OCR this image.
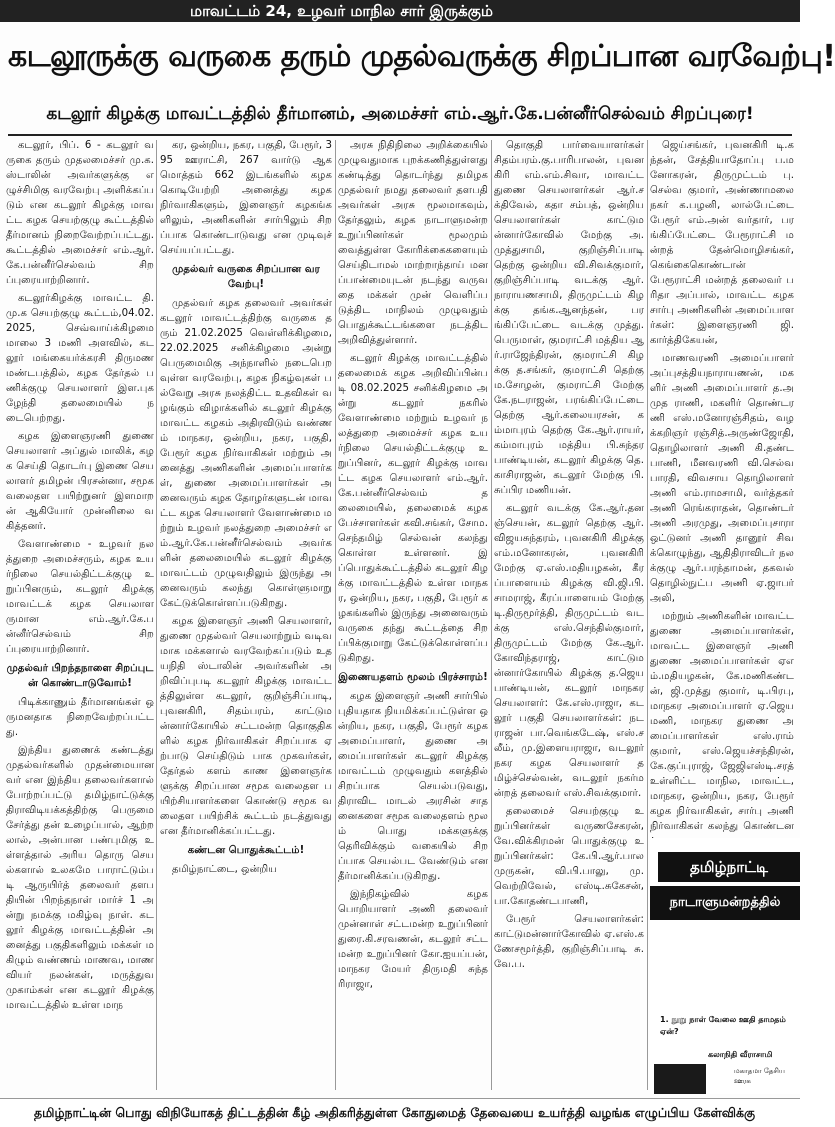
மாவட்டம் 24, உழவர் மாநில சார் இருக்கும்
கடலூருக்கு வருகை தரும் முதல்வருக்கு சிறப்பான வரவேற்பு!
கடலூர் கிழக்கு மாவட்டத்தில் தீர்மானம், அமைச்சர் எம்.ஆர்.கே.பன்னீர்செல்வம் சிறப்புரை!

கடலூர், பிப். 6 - கடலூர் வருகை தரும் முதலமைச்சர் மு.க. ஸ்டாலின் அவர்களுக்கு எழுச்சிமிகு வரவேற்பு அளிக்கப்படும் என கடலூர் கிழக்கு மாவட்ட கழக செயற்குழு கூட்டத்தில் தீர்மானம் நிறைவேற்றப்பட்டது. கூட்டத்தில் அமைச்சர் எம்.ஆர்.கே.பன்னீர்செல்வம் சிறப்புரையாற்றினார்.

கடலூர்கிழக்கு மாவட்ட தி.மு.க செயற்குழு கூட்டம்,04.02.2025, செவ்வாய்க்கிழமை மாலை 3 மணி அளவில், கடலூர் மங்கையர்க்கரசி திருமண மண்டபத்தில், கழக தேர்தல் பணிக்குழு செயலாளர் இள.புகழேந்தி தலைமையில் நடைபெற்றது.

கழக இளைஞரணி துணை செயலாளர் அப்துல் மாலிக், கழக செய்தி தொடர்பு இணை செயலாளர் தமிழன் பிரசன்னா, சமூக வலைதள பயிற்றுனர் இளமாறன் ஆகியோர் முன்னிலை வகித்தனர்.

வேளாண்மை - உழவர் நலத்துறை அமைச்சரும், கழக உயர்நிலை செயல்திட்டக்குழு உறுப்பினரும், கடலூர் கிழக்கு மாவட்டக் கழக செயலாளருமான எம்.ஆர்.கே.பன்னீர்செல்வம் சிறப்புரையாற்றினார்.

முதல்வர் பிறந்தநாளை சிறப்புடன் கொண்டாடுவோம்!

பிடிக்காணும் தீர்மானங்கள் ஒருமனதாக நிறைவேற்றப்பட்டது.

இந்திய துணைக் கண்டத்து முதல்வர்களில் முதன்மையானவர் என இந்திய தலைவர்களால் போற்றப்பட்டு தமிழ்நாட்டுக்கு திராவிடியக்கத்திற்கு பெருமை சேர்த்து தன் உழைப்பால், ஆற்றலால், அன்பான பண்புமிகு உள்ளத்தால் அரிய தொரு செயல்களால் உலகமே பாராட்டும்படி ஆருயிர்த் தலைவர் தளபதியின் பிறந்தநாள் மார்ச் 1 அன்று நமக்கு மகிழ்வு நாள். கடலூர் கிழக்கு மாவட்டத்தின் அனைத்து பகுதிகளிலும் மக்கள் மகிழும் வண்ணம் மாணவ, மாணவியர் நலன்கள், மருத்துவ முகாம்கள் என கடலூர் கிழக்கு மாவட்டத்தில் உள்ள மாந

கர, ஒன்றிய, நகர, பகுதி, பேரூர், 395 ஊராட்சி, 267 வார்டு ஆக மொத்தம் 662 இடங்களில் கழக கொடியேற்றி அனைத்து கழக நிர்வாகிகளும், இளைஞர் கழகங்களிலும், அணிகளின் சார்பிலும் சிறப்பாக கொண்டாடுவது என முடிவுச் செய்யப்பட்டது.

முதல்வர் வருகை சிறப்பான வரவேற்பு!

முதல்வர் கழக தலைவர் அவர்கள் கடலூர் மாவட்டத்திற்கு வருகை தரும் 21.02.2025 வெள்ளிக்கிழமை, 22.02.2025 சனிக்கிழமை அன்று பெருமைமிகு அந்நாளில் நடைபெறவுள்ள வரவேற்பு, கழக நிகழ்வுகள் பல்வேறு அரசு நலத்திட்ட உதவிகள் வழங்கும் விழாக்களில் கடலூர் கிழக்கு மாவட்ட கழகம் அதிரவிடும் வண்ணம் மாநகர, ஒன்றிய, நகர, பகுதி, பேரூர் கழக நிர்வாகிகள் மற்றும் அனைத்து அணிகளின் அமைப்பாளர்கள், துணை அமைப்பாளர்கள் அனைவரும் கழக தோழர்களுடன் மாவட்ட கழக செயலாளர் வேளாண்மை மற்றும் உழவர் நலத்துறை அமைச்சர் எம்.ஆர்.கே.பன்னீர்செல்வம் அவர்களின் தலைமையில் கடலூர் கிழக்கு மாவட்டம் முழுவதிலும் இருந்து அனைவரும் கலந்து கொள்ளுமாறு கேட்டுக்கொள்ளப்படுகிறது.

கழக இளைஞர் அணி செயலாளர், துணை முதல்வர் செயலாற்றும் வடிவமாக மக்களால் வரவேற்கப்படும் உதயநிதி ஸ்டாலின் அவர்களின் அறிவிப்புபடி கடலூர் கிழக்கு மாவட்டத்திலுள்ள கடலூர், குறிஞ்சிப்பாடி, புவனகிரி, சிதம்பரம், காட்டுமன்னார்கோயில் சட்டமன்ற தொகுதிகளில் கழக நிர்வாகிகள் சிறப்பாக ஏற்பாடு செய்திடும் பாக முகவர்கள், தேர்தல் களம் காண இளைஞர்களுக்கு சிறப்பான சமூக வலைதள பயிற்சியாளர்களை கொண்டு சமூக வலைதள பயிற்சிக் கூட்டம் நடத்துவது என தீர்மானிக்கப்பட்டது.

கண்டன பொதுக்கூட்டம்!

தமிழ்நாட்டை, ஒன்றிய

அரசு நிதிநிலை அறிக்கையில் முழுவதுமாக புறக்கணித்துள்ளது கண்டித்து தொடர்ந்து தமிழக முதல்வர் நமது தலைவர் தளபதி அவர்கள் அரசு மூலமாகவும், தேர்தலும், கழக நாடாளுமன்ற உறுப்பினர்கள் மூலமும் வைத்துள்ள கோரிக்கைகளையும் செய்திடாமல் மாற்றாந்தாய் மனப்பான்மையுடன் நடந்து வருவதை மக்கள் முன் வெளிப்படுத்திட மாநிலம் முழுவதும் பொதுக்கூட்டங்களை நடத்திட அறிவித்துள்ளார்.

கடலூர் கிழக்கு மாவட்டத்தில் தலைமைக் கழக அறிவிப்பின்படி 08.02.2025 சனிக்கிழமை அன்று கடலூர் நகரில் வேளாண்மை மற்றும் உழவர் நலத்துறை அமைச்சர் கழக உயர்நிலை செயல்திட்டக்குழு உறுப்பினர், கடலூர் கிழக்கு மாவட்ட கழக செயலாளர் எம்.ஆர்.கே.பன்னீர்செல்வம் தலைமையில், தலைமைக் கழக பேச்சாளர்கள் கவி.சங்கர், சோம.செந்தமிழ் செல்வன் கலந்து கொள்ள உள்ளனர். இப்பொதுக்கூட்டத்தில் கடலூர் கிழக்கு மாவட்டத்தில் உள்ள மாநகர, ஒன்றிய, நகர, பகுதி, பேரூர் கழகங்களில் இருந்து அனைவரும் வருகை தந்து கூட்டத்தை சிறப்பிக்குமாறு கேட்டுக்கொள்ளப்படுகிறது.

இணையதளம் மூலம் பிரச்சாரம்!

கழக இளைஞர் அணி சார்பில் புதியதாக நியமிக்கப்பட்டுள்ள ஒன்றிய, நகர, பகுதி, பேரூர் கழக அமைப்பாளர், துணை அமைப்பாளர்கள் கடலூர் கிழக்கு மாவட்டம் முழுவதும் களத்தில் சிறப்பாக செயல்படுவது, திராவிட மாடல் அரசின் சாதனைகளை சமூக வலைதளம் மூலம் பொது மக்களுக்கு தெரிவிக்கும் வகையில் சிறப்பாக செயல்பட வேண்டும் என தீர்மானிக்கப்படுகிறது.

இந்நிகழ்வில் கழக பொறியாளர் அணி தலைவர் முன்னாள் சட்டமன்ற உறுப்பினர் துரை.கி.சரவணன், கடலூர் சட்டமன்ற உறுப்பினர் கோ.ஐயப்பன், மாநகர மேயர் திருமதி சுந்தரிராஜா,

தொகுதி பார்வையாளர்கள் சிதம்பரம்.கு.பாரிபாலன், புவனகிரி எம்.எம்.சிவா, மாவட்ட துணை செயலாளர்கள் ஆர்.சக்திவேல், கதா சம்பத், ஒன்றிய செயலாளர்கள் காட்டுமன்னார்கோவில் மேற்கு அ.முத்துசாமி, குறிஞ்சிப்பாடி தெற்கு ஒன்றிய வி.சிவக்குமார், குறிஞ்சிப்பாடி வடக்கு ஆர்.நாராயணசாமி, திருமுட்டம் கிழக்கு தங்க.ஆனந்தன், பரங்கிப்பேட்டை வடக்கு முத்து.பெருமாள், குமராட்சி மத்திய ஆர்.ராஜேந்திரன், குமராட்சி கிழக்கு த.சங்கர், குமராட்சி தெற்கு ம.சோழன், குமராட்சி மேற்கு கே.நடராஜன், பரங்கிப்பேட்டை தெற்கு ஆர்.கலையரசன், கம்மாபுரம் தெற்கு கே.ஆர்.ராயர், கம்மாபுரம் மத்திய பி.சுந்தரபாண்டியன், கடலூர் கிழக்கு தெ.காசிராஜன், கடலூர் மேற்கு பி.சுப்பிர மணியன்.

கடலூர் வடக்கு கே.ஆர்.தனஞ்செயன், கடலூர் தெற்கு ஆர்.விஜயசுந்தரம், புவனகிரி கிழக்கு எம்.மனோகரன், புவனகிரி மேற்கு ஏ.எஸ்.மதியழகன், கீரப்பாளையம் கிழக்கு வி.ஜி.பி.சாமராஜ், கீரப்பாளையம் மேற்கு டி.திருமூர்த்தி, திருமுட்டம் வடக்கு எஸ்.செந்தில்குமார், திருமுட்டம் மேற்கு கே.ஆர்.கோவிந்தராஜ், காட்டுமன்னார்கோயில் கிழக்கு த.ஜெயபாண்டியன், கடலூர் மாநகர செயலாளர்: கே.எஸ்.ராஜா, கடலூர் பகுதி செயலாளர்கள்: நடராஜன் பா.வெங்கடேஷ், எஸ்.சலீம், மு.இளையராஜா, வடலூர் நகர கழக செயலாளர் தமிழ்ச்செல்வன், வடலூர் நகர்மன்றத் தலைவர் எஸ்.சிவக்குமார்.

தலைமைச் செயற்குழு உறுப்பினர்கள் வருணசேகரன், வே.விக்கிரமன் பொதுக்குழு உறுப்பினர்கள்: கே.பி.ஆர்.பாலமுருகன், வி.பி.பாலு, மு.வெற்றிவேல், எஸ்டி.சுகேசன், பா.கோதண்டபாணி,

பேரூர் செயலாளர்கள்: காட்டுமன்னார்கோவில் ஏ.எஸ்.கணேசமூர்த்தி, குறிஞ்சிப்பாடி சு.வே.ப.

ஜெய்சங்கர், புவனகிரி டி.கந்தன், சேத்தியாதோப்பு ப.மனோகரன், திருமுட்டம் பு.செல்வ குமார், அண்ணாமலை நகர் க.பழனி, லால்பேட்டை பேரூர் எம்.அன் வர்தார், பரங்கிப்பேட்டை பேரூராட்சி மன்றத் தேன்மொழிசங்கர், கெங்கைகொண்டான் பேரூராட்சி மன்றத் தலைவர் பரிதா அப்பால், மாவட்ட கழக சார்பு அணிகளின் அமைப்பாளர்கள்: இளைஞரணி ஜி.கார்த்திகேயன்,

மாணவரணி அமைப்பாளர் அப்புசத்தியநாராயணன், மகளிர் அணி அமைப்பாளர் த.அமுத ராணி, மகளிர் தொண்டரணி எஸ்.மனோரஞ்சிதம், வழக்கறிஞர் ரஞ்சித்.அருண்ஜோதி, தொழிலாளர் அணி கி.தண்டபாணி, மீனவரணி வி.செல்வபாரதி, விவசாய தொழிலாளர் அணி எம்.ராமசாமி, வர்த்தகர் அணி ரெங்கராதன், தொண்டர் அணி அரமுது, அமைப்புசாரா ஒட்டுனர் அணி தானூர் சிவக்கொழுந்து, ஆதிதிராவிடர் நலக்குழு ஆர்.பரந்தாமன், தகவல் தொழில்நுட்ப அணி ஏ.ஜாபர் அலி,

மற்றும் அணிகளின் மாவட்ட துணை அமைப்பாளர்கள், மாவட்ட இளைஞர் அணி துணை அமைப்பாளர்கள் ஏஎம்.மதியழகன், கே.மணிகண்டன், ஜி.முத்து குமார், டி.பிரபு, மாநகர அமைப்பாளர் ஏ.ஜெயமணி, மாநகர துணை அமைப்பாளர்கள் எஸ்.ராம் குமார், எஸ்.ஜெயச்சந்திரன், கே.குப்புராஜ், ஜேஜிஎஸ்டி.சரத் உள்ளிட்ட மாநில, மாவட்ட, மாநகர, ஒன்றிய, நகர, பேரூர் கழக நிர்வாகிகள், சார்பு அணி நிர்வாகிகள் கலந்து கொண்டன

தமிழ்நாட்டி
நாடாளுமன்றத்தில்
1. நூறு நாள் வேலை ஊதி தாமதம் ஏன்?
கலாநிதி வீராசாமி
மகாதமா தேசிய ஊரக
தமிழ்நாட்டின் பொது விநியோகத் திட்டத்தின் கீழ் அதிகரித்துள்ள கோதுமைத் தேவையை உயர்த்தி வழங்க எழுப்பிய கேள்விக்கு
